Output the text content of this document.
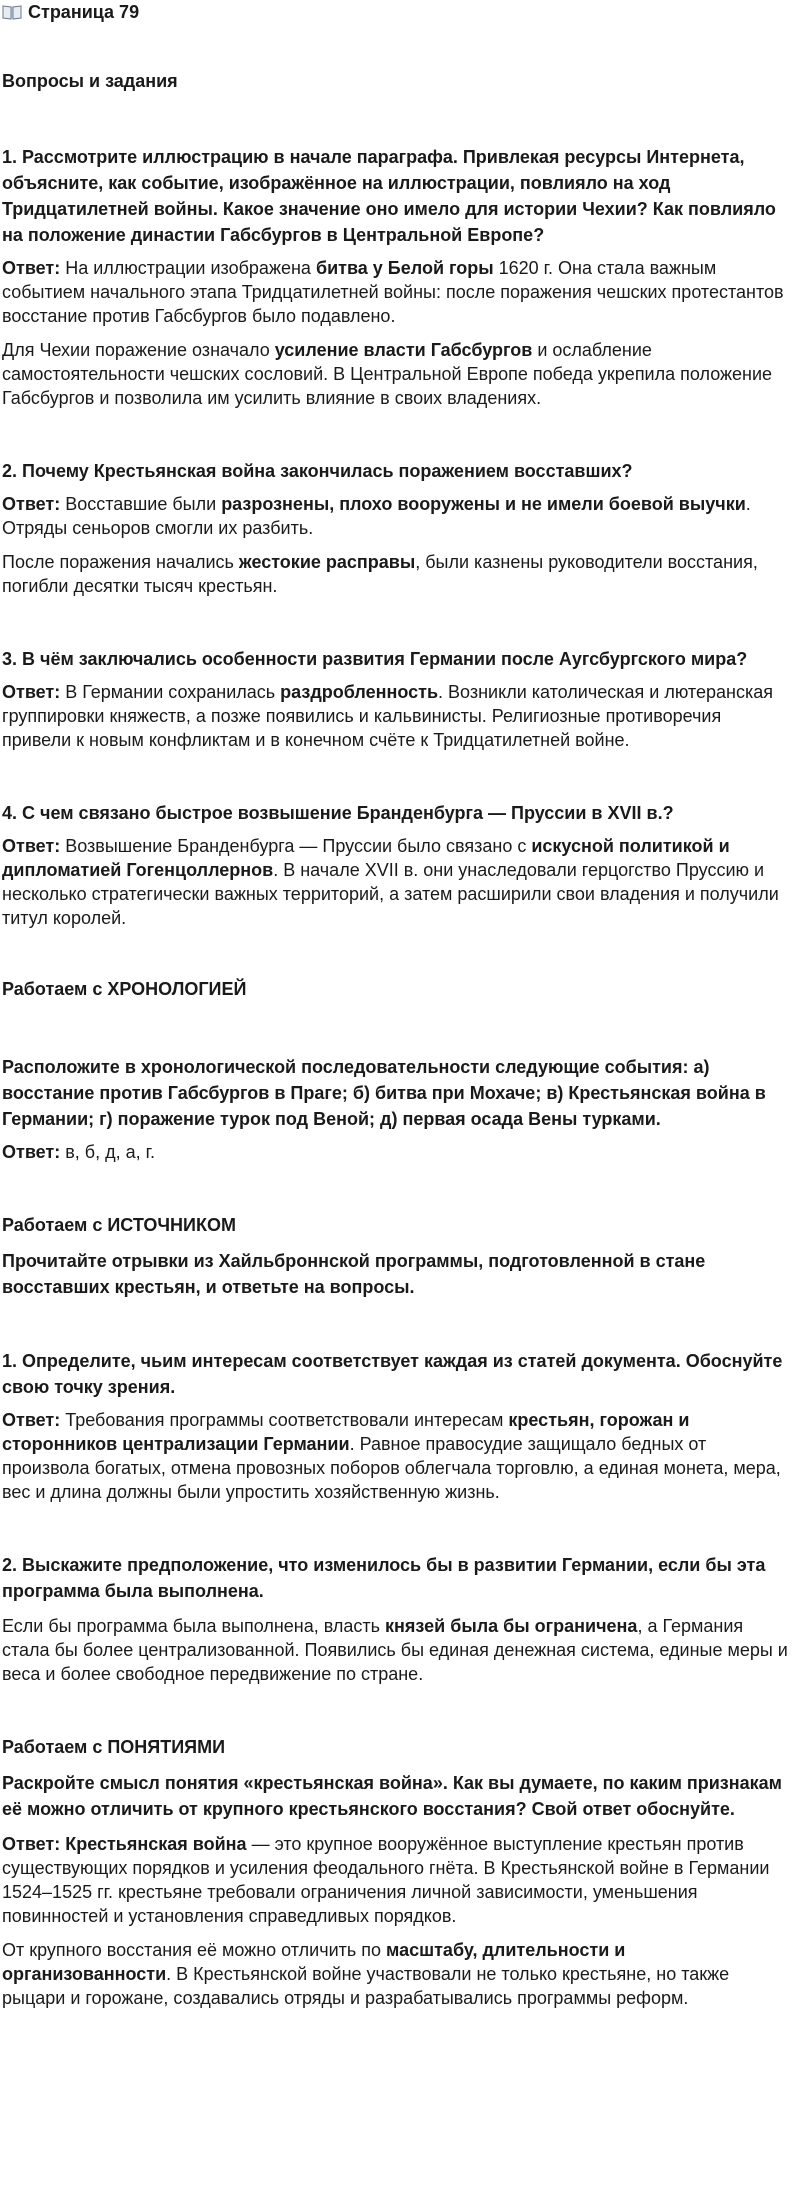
Страница 79

Вопросы и задания

1. Рассмотрите иллюстрацию в начале параграфа. Привлекая ресурсы Интернета, объясните, как событие, изображённое на иллюстрации, повлияло на ход Тридцатилетней войны. Какое значение оно имело для истории Чехии? Как повлияло на положение династии Габсбургов в Центральной Европе?

Ответ: На иллюстрации изображена битва у Белой горы 1620 г. Она стала важным событием начального этапа Тридцатилетней войны: после поражения чешских протестантов восстание против Габсбургов было подавлено.

Для Чехии поражение означало усиление власти Габсбургов и ослабление самостоятельности чешских сословий. В Центральной Европе победа укрепила положение Габсбургов и позволила им усилить влияние в своих владениях.

2. Почему Крестьянская война закончилась поражением восставших?

Ответ: Восставшие были разрознены, плохо вооружены и не имели боевой выучки. Отряды сеньоров смогли их разбить.

После поражения начались жестокие расправы, были казнены руководители восстания, погибли десятки тысяч крестьян.

3. В чём заключались особенности развития Германии после Аугсбургского мира?

Ответ: В Германии сохранилась раздробленность. Возникли католическая и лютеранская группировки княжеств, а позже появились и кальвинисты. Религиозные противоречия привели к новым конфликтам и в конечном счёте к Тридцатилетней войне.

4. С чем связано быстрое возвышение Бранденбурга — Пруссии в XVII в.?

Ответ: Возвышение Бранденбурга — Пруссии было связано с искусной политикой и дипломатией Гогенцоллернов. В начале XVII в. они унаследовали герцогство Пруссию и несколько стратегически важных территорий, а затем расширили свои владения и получили титул королей.

Работаем с ХРОНОЛОГИЕЙ

Расположите в хронологической последовательности следующие события: а) восстание против Габсбургов в Праге; б) битва при Мохаче; в) Крестьянская война в Германии; г) поражение турок под Веной; д) первая осада Вены турками.

Ответ: в, б, д, а, г.

Работаем с ИСТОЧНИКОМ

Прочитайте отрывки из Хайльброннской программы, подготовленной в стане восставших крестьян, и ответьте на вопросы.

1. Определите, чьим интересам соответствует каждая из статей документа. Обоснуйте свою точку зрения.

Ответ: Требования программы соответствовали интересам крестьян, горожан и сторонников централизации Германии. Равное правосудие защищало бедных от произвола богатых, отмена провозных поборов облегчала торговлю, а единая монета, мера, вес и длина должны были упростить хозяйственную жизнь.

2. Выскажите предположение, что изменилось бы в развитии Германии, если бы эта программа была выполнена.

Если бы программа была выполнена, власть князей была бы ограничена, а Германия стала бы более централизованной. Появились бы единая денежная система, единые меры и веса и более свободное передвижение по стране.

Работаем с ПОНЯТИЯМИ

Раскройте смысл понятия «крестьянская война». Как вы думаете, по каким признакам её можно отличить от крупного крестьянского восстания? Свой ответ обоснуйте.

Ответ: Крестьянская война — это крупное вооружённое выступление крестьян против существующих порядков и усиления феодального гнёта. В Крестьянской войне в Германии 1524–1525 гг. крестьяне требовали ограничения личной зависимости, уменьшения повинностей и установления справедливых порядков.

От крупного восстания её можно отличить по масштабу, длительности и организованности. В Крестьянской войне участвовали не только крестьяне, но также рыцари и горожане, создавались отряды и разрабатывались программы реформ.
